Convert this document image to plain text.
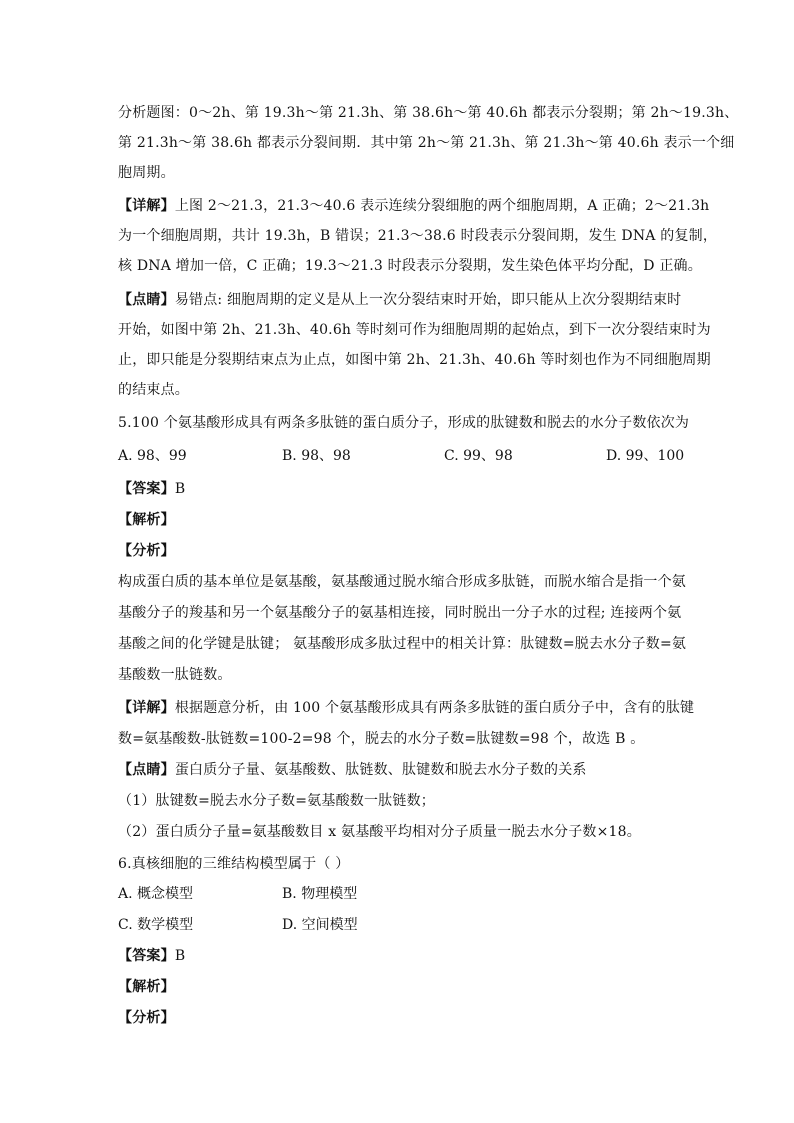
分析题图：0～2h、第 19.3h～第 21.3h、第 38.6h～第 40.6h 都表示分裂期；第 2h～19.3h、
第 21.3h～第 38.6h 都表示分裂间期．其中第 2h～第 21.3h、第 21.3h～第 40.6h 表示一个细
胞周期。
【详解】上图 2～21.3，21.3～40.6 表示连续分裂细胞的两个细胞周期，A 正确；2～21.3h
为一个细胞周期，共计 19.3h，B 错误；21.3～38.6 时段表示分裂间期，发生 DNA 的复制，
核 DNA 增加一倍，C 正确；19.3～21.3 时段表示分裂期，发生染色体平均分配，D 正确。
【点睛】易错点: 细胞周期的定义是从上一次分裂结束时开始，即只能从上次分裂期结束时
开始，如图中第 2h、21.3h、40.6h 等时刻可作为细胞周期的起始点，到下一次分裂结束时为
止，即只能是分裂期结束点为止点，如图中第 2h、21.3h、40.6h 等时刻也作为不同细胞周期
的结束点。
5.100 个氨基酸形成具有两条多肽链的蛋白质分子，形成的肽键数和脱去的水分子数依次为
A. 98、99	B. 98、98	C. 99、98	D. 99、100
【答案】B
【解析】
【分析】
构成蛋白质的基本单位是氨基酸，氨基酸通过脱水缩合形成多肽链，而脱水缩合是指一个氨
基酸分子的羧基和另一个氨基酸分子的氨基相连接，同时脱出一分子水的过程; 连接两个氨
基酸之间的化学键是肽键； 氨基酸形成多肽过程中的相关计算：肽键数=脱去水分子数=氨
基酸数一肽链数。
【详解】根据题意分析，由 100 个氨基酸形成具有两条多肽链的蛋白质分子中，含有的肽键
数=氨基酸数-肽链数=100-2=98 个，脱去的水分子数=肽键数=98 个，故选 B 。
【点睛】蛋白质分子量、氨基酸数、肽链数、肽键数和脱去水分子数的关系
（1）肽键数=脱去水分子数=氨基酸数一肽链数；
（2）蛋白质分子量=氨基酸数目 x 氨基酸平均相对分子质量一脱去水分子数×18。
6.真核细胞的三维结构模型属于（ ）
A. 概念模型	B. 物理模型
C. 数学模型	D. 空间模型
【答案】B
【解析】
【分析】
